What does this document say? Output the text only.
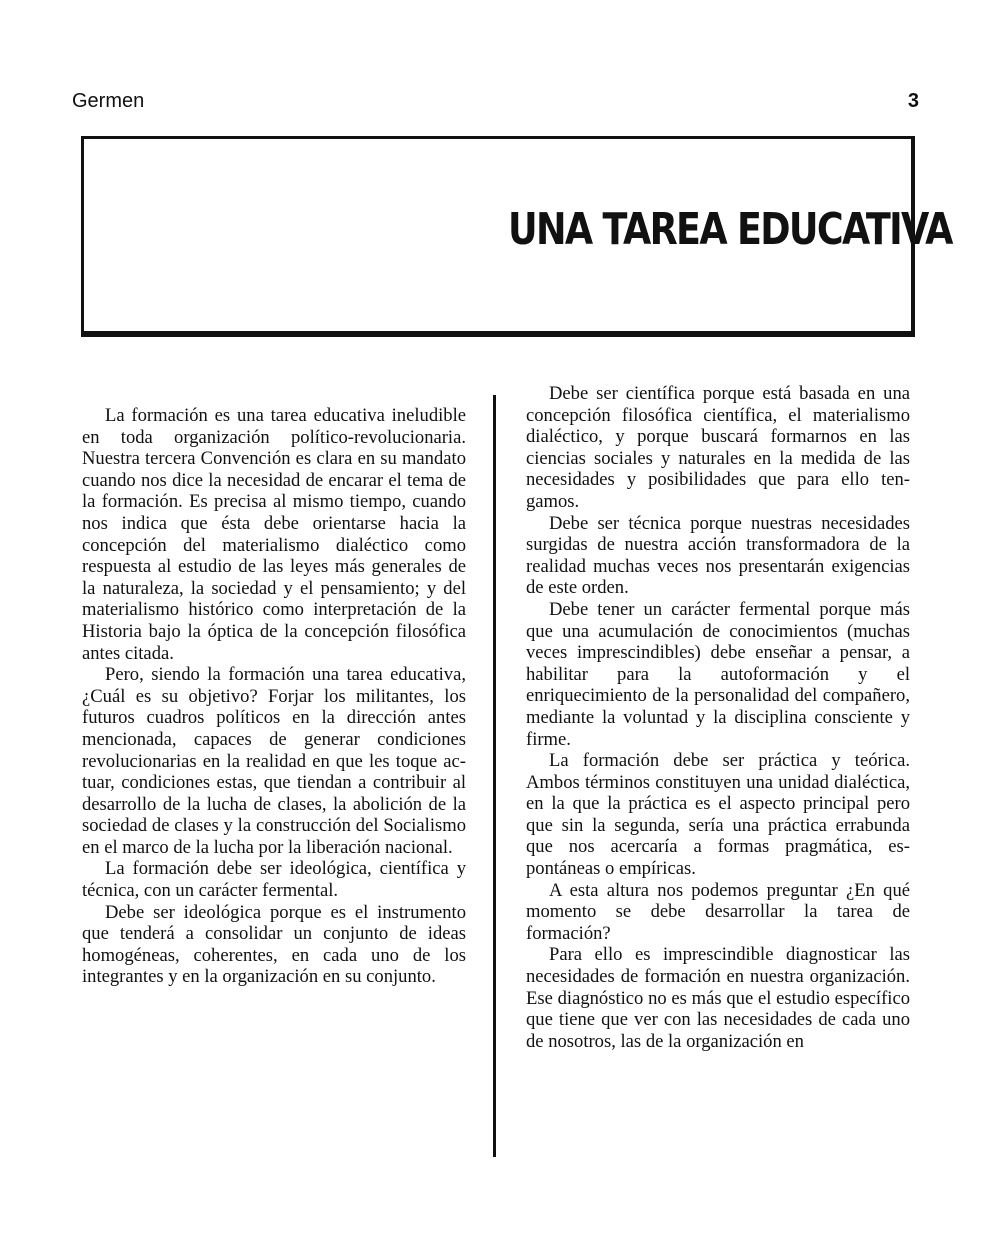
Germen	3
UNA TAREA EDUCATIVA

La formación es una tarea educativa ineludible en toda organización político-revolucionaria. Nuestra tercera Convención es clara en su mandato cuando nos dice la necesidad de encarar el tema de la formación. Es precisa al mismo tiempo, cuando nos indica que ésta debe orientarse hacia la concepción del materialismo dialéctico como respuesta al estudio de las leyes más generales de la naturaleza, la sociedad y el pensamiento; y del materialismo histórico como interpretación de la Historia bajo la óptica de la concepción filosófica antes citada.

Pero, siendo la formación una tarea educativa, ¿Cuál es su objetivo? Forjar los militantes, los futuros cuadros políticos en la dirección antes mencionada, capaces de generar condiciones revolucionarias en la realidad en que les toque actuar, condiciones estas, que tiendan a contribuir al desarrollo de la lucha de clases, la abolición de la sociedad de clases y la construcción del Socialismo en el marco de la lucha por la liberación nacional.

La formación debe ser ideológica, científica y técnica, con un carácter fermental.

Debe ser ideológica porque es el instrumento que tenderá a consolidar un conjunto de ideas homogéneas, coherentes, en cada uno de los integrantes y en la organización en su conjunto.

Debe ser científica porque está basada en una concepción filosófica científica, el materialismo dialéctico, y porque buscará formarnos en las ciencias sociales y naturales en la medida de las necesidades y posibilidades que para ello tengamos.

Debe ser técnica porque nuestras necesidades surgidas de nuestra acción transformadora de la realidad muchas veces nos presentarán exigencias de este orden.

Debe tener un carácter fermental porque más que una acumulación de conocimientos (muchas veces imprescindibles) debe enseñar a pensar, a habilitar para la autoformación y el enriquecimiento de la personalidad del compañero, mediante la voluntad y la disciplina consciente y firme.

La formación debe ser práctica y teórica. Ambos términos constituyen una unidad dialéctica, en la que la práctica es el aspecto principal pero que sin la segunda, sería una práctica errabunda que nos acercaría a formas pragmática, espontáneas o empíricas.

A esta altura nos podemos preguntar ¿En qué momento se debe desarrollar la tarea de formación?

Para ello es imprescindible diagnosticar las necesidades de formación en nuestra organización. Ese diagnóstico no es más que el estudio específico que tiene que ver con las necesidades de cada uno de nosotros, las de la organización en
